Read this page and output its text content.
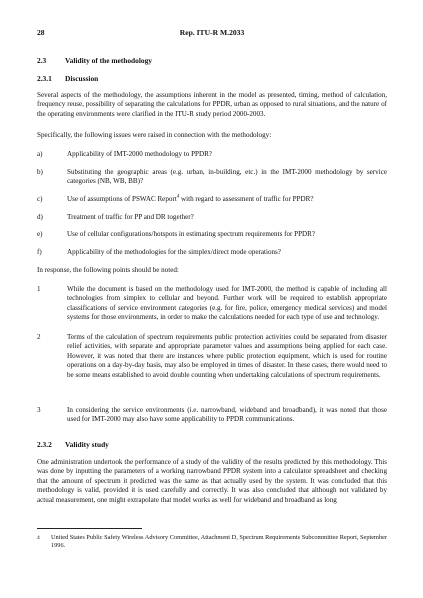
28	Rep. ITU-R M.2033
2.3	Validity of the methodology
2.3.1 Discussion
Several aspects of the methodology, the assumptions inherent in the model as presented, timing, method of calculation, frequency reuse, possibility of separating the calculations for PPDR, urban as opposed to rural situations, and the nature of the operating environments were clarified in the ITU-R study period 2000-2003.
Specifically, the following issues were raised in connection with the methodology:
a)	Applicability of IMT-2000 methodology to PPDR?
b)	Substituting the geographic areas (e.g. urban, in-building, etc.) in the IMT-2000 methodology by service categories (NB, WB, BB)?
c)	Use of assumptions of PSWAC Report$^4$ with regard to assessment of traffic for PPDR?
d)	Treatment of traffic for PP and DR together?
e)	Use of cellular configurations/hotspots in estimating spectrum requirements for PPDR?
f)	Applicability of the methodologies for the simplex/direct mode operations?
In response, the following points should be noted:
1	While the document is based on the methodology used for IMT-2000, the method is capable of including all technologies from simplex to cellular and beyond. Further work will be required to establish appropriate classifications of service environment categories (e.g. for fire, police, emergency medical services) and model systems for those environments, in order to make the calculations needed for each type of use and technology.
2	Terms of the calculation of spectrum requirements public protection activities could be separated from disaster relief activities, with separate and appropriate parameter values and assumptions being applied for each case. However, it was noted that there are instances where public protection equipment, which is used for routine operations on a day-by-day basis, may also be employed in times of disaster. In these cases, there would need to be some means established to avoid double counting when undertaking calculations of spectrum requirements.
3	In considering the service environments (i.e. narrowband, wideband and broadband), it was noted that those used for IMT-2000 may also have some applicability to PPDR communications.
2.3.2 Validity study
One administration undertook the performance of a study of the validity of the results predicted by this methodology. This was done by inputting the parameters of a working narrowband PPDR system into a calculator spreadsheet and checking that the amount of spectrum it predicted was the same as that actually used by the system. It was concluded that this methodology is valid, provided it is used carefully and correctly. It was also concluded that although not validated by actual measurement, one might extrapolate that model works as well for wideband and broadband as long
4 United States Public Safety Wireless Advisory Committee, Attachment D, Spectrum Requirements Subcommittee Report, September 1996.
